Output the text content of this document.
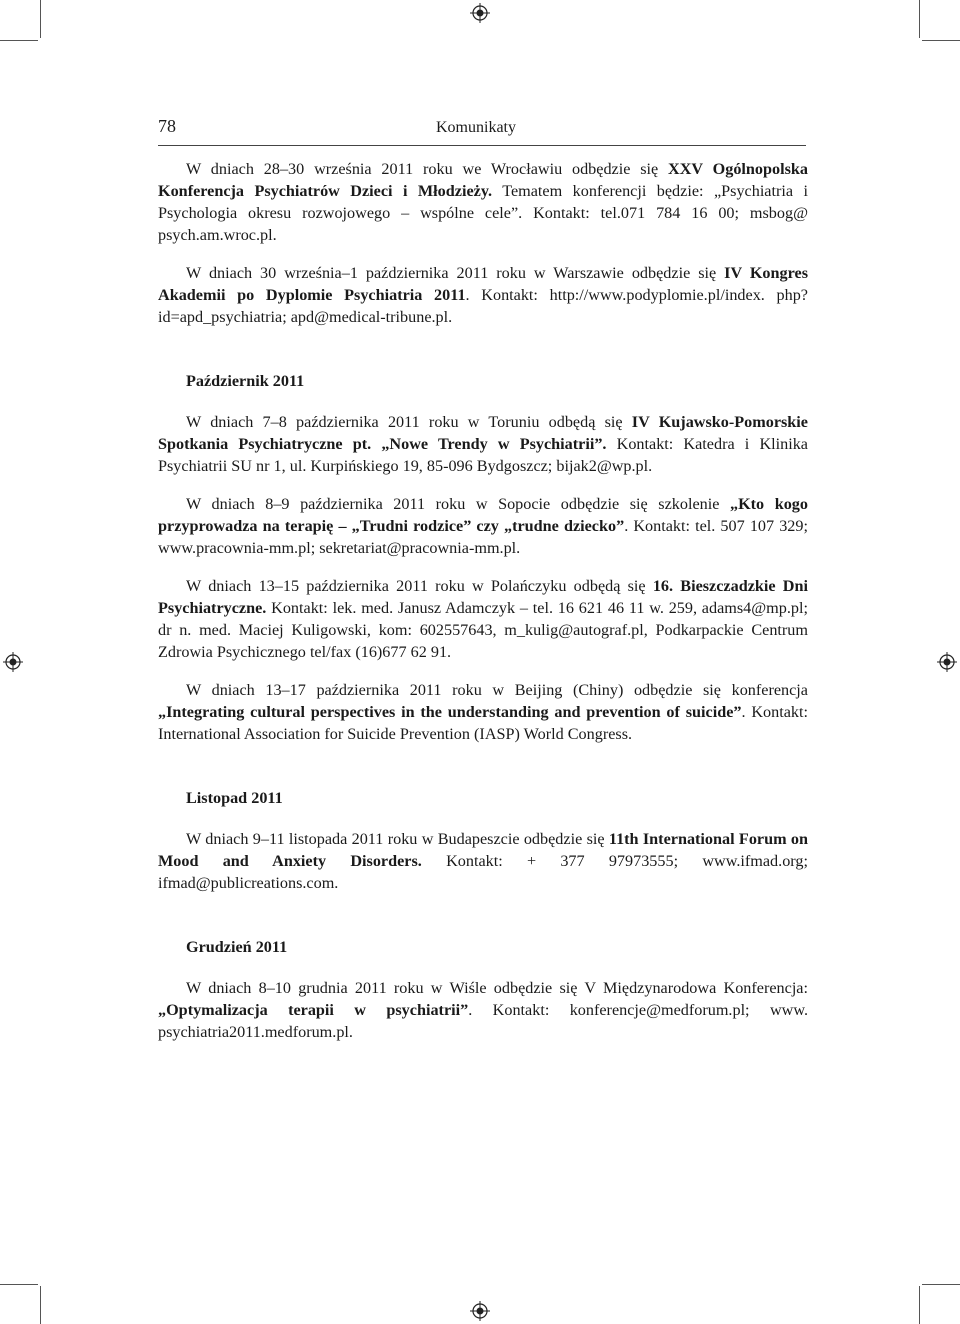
78	Komunikaty

W dniach 28–30 września 2011 roku we Wrocławiu odbędzie się XXV Ogólnopolska Konferencja Psychiatrów Dzieci i Młodzieży. Tematem konferencji będzie: „Psychiatria i Psychologia okresu rozwojowego – wspólne cele”. Kontakt: tel.071 784 16 00; msbog@ psych.am.wroc.pl.

W dniach 30 września–1 października 2011 roku w Warszawie odbędzie się IV Kongres Akademii po Dyplomie Psychiatria 2011. Kontakt: http://www.podyplomie.pl/index. php?id=apd_psychiatria; apd@medical-tribune.pl.

Październik 2011

W dniach 7–8 października 2011 roku w Toruniu odbędą się IV Kujawsko-Pomorskie Spotkania Psychiatryczne pt. „Nowe Trendy w Psychiatrii”. Kontakt: Katedra i Klinika Psychiatrii SU nr 1, ul. Kurpińskiego 19, 85-096 Bydgoszcz; bijak2@wp.pl.

W dniach 8–9 października 2011 roku w Sopocie odbędzie się szkolenie „Kto kogo przyprowadza na terapię – „Trudni rodzice” czy „trudne dziecko”. Kontakt: tel. 507 107 329; www.pracownia-mm.pl; sekretariat@pracownia-mm.pl.

W dniach 13–15 października 2011 roku w Polańczyku odbędą się 16. Bieszczadzkie Dni Psychiatryczne. Kontakt: lek. med. Janusz Adamczyk – tel. 16 621 46 11 w. 259, adams4@mp.pl; dr n. med. Maciej Kuligowski, kom: 602557643, m_kulig@autograf.pl, Podkarpackie Centrum Zdrowia Psychicznego tel/fax (16)677 62 91.

W dniach 13–17 października 2011 roku w Beijing (Chiny) odbędzie się konferencja „Integrating cultural perspectives in the understanding and prevention of suicide”. Kontakt: International Association for Suicide Prevention (IASP) World Congress.

Listopad 2011

W dniach 9–11 listopada 2011 roku w Budapeszcie odbędzie się 11th International Forum on Mood and Anxiety Disorders. Kontakt: + 377 97973555; www.ifmad.org; ifmad@publicreations.com.

Grudzień 2011

W dniach 8–10 grudnia 2011 roku w Wiśle odbędzie się V Międzynarodowa Konferencja: „Optymalizacja terapii w psychiatrii”. Kontakt: konferencje@medforum.pl; www. psychiatria2011.medforum.pl.
